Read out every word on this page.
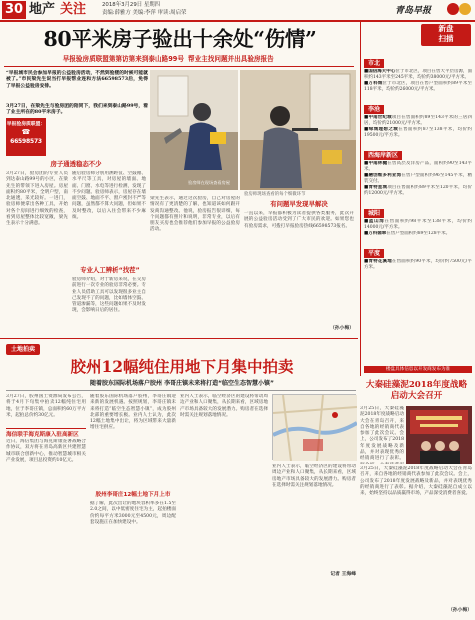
30 地产 关注	2018年3月29日 星期四
责编:薛雅方 美编:李萍 审读:周启荣	青岛早报
80平米房子验出十余处“伤情”
早报验房质联盟第第访第来到泰山路99号 帮业主找问题并出具验房报告
“早报城市民会参加早报的公益验房活动，不然到验楼的时候可能就被了。”市民梁先生说当打早报帮业连和方法66598573后，免得了早报公益验房安排。
3月27日，在梁先生与验房团的陪同下，我们来到泰山路99号，看了业主所在的80平米房子。
早报验房质联盟：
☎
66598573
验房师在现场查看房屋
验房师现场查看的每个细微环节
房子通透稳态不少
3月27日，验房团的专业人员到达泰山路99号的小区，在梁先生的带领下进入房屋。房屋面积约80平米，全明户型，南北通透，采光较好。一进门，验房师便拿出各种工具，开始对各个房间进行细致的检查，看到房屋整体比较宽敞，梁先生表示十分满意。
随后验房师分别用测距仪、空鼓锤、水平尺等工具，对房屋的墙面、地面、门窗、水电等进行检测，发现了不少问题。验房师表示，房屋存在墙面空鼓、地面不平、窗户密封不严等问题，虽然都不算大问题，但如果不及时整改，以后入住会带来不少麻烦。
专业人工辨析“找茬”
验房师介绍，对于新房来说，在交房前进行一次专业的验房非常必要。专业人员借助工具可以发现很多业主自己发现不了的问题，比如墙体空鼓、管道渗漏等，这些问题如果不及时发现，会影响日后的居住。
梁先生表示，通过这次验房，自己对房屋的情况有了更清楚的了解，也知道该如何跟开发商沟通整改。他说，验房报告很详细，每个问题都有照片和说明，非常专业，以后有朋友买房也会推荐他们参加早报的公益验房活动。
有问题早发现早解决
一直以来，早报都积极为读者提供各类服务，此次开展的公益验房活动受到了广大市民的欢迎。如果您也有验房需求，可拨打早报验房热线66598573报名。
（孙小梅）
新盘
扫描
市北
■国信海天中心位于市北区，项目在售大平层房源，面积约143平米至245平米，均价约38000元/平方米。
■万科城位于市北区，项目在售户型面积约89平米至118平米，均价约26000元/平方米。
李沧
■中南世纪城项目在售面积约89至143平米的三居四居，均价约21000元/平方米。
■绿城理想之城在售面积约87至138平米，均价约19500元/平方米。
西海岸新区
■中南林樾在售高层及洋房产品，面积约90至143平米。
■融创维多利亚湾在售户型面积约96至145平米，精装交付。
■青特星城项目在售面积约89平米至120平米，均价约12000元/平方米。
城阳
■蓝山湾在售面积约98平米至138平米，均价约14000元/平方米。
■万科翡翠在售户型面积约89至128平米。
平度
■青特花溪地在售面积约90平米，均价约7500元/平方米。
楼盘具体信息以开发商发布为准
土地拍卖
胶州12幅纯住用地下月集中拍卖
随着胶东国际机场落户胶州 李哥庄镇未来将打造“临空生态智慧小镇”
3月27日，胶州国土资源局发布公告，将于4月下旬集中拍卖12幅纯住宅用地，位于李哥庄镇，总面积约60万平方米，起拍总价约30亿元。
海信联手海克斯康入驻高新区
近日，海信集团与海克斯康签署战略合作协议，双方将在青岛高新区共建智慧城市联合创新中心，推动智慧城市相关产业发展，项目总投资约10亿元。
随着胶东国际机场落户胶州，李哥庄镇迎来新的发展机遇。按照规划，李哥庄镇未来将打造“临空生态智慧小镇”，成为胶州北部的重要增长极。业内人士认为，此次12幅土地集中出让，将为区域带来大量新增住宅供应。
胶州李哥庄12幅土地下月上市
据了解，此次出让的地块容积率多在1.5至2.0之间，以中低密度住宅为主，起拍楼面价约每平方米3000元至4500元，周边配套设施正在加快建设中。
业内人士表示，临空经济区的建设将带动周边产业和人口聚集，从长期来看，区域房地产市场具备较大的发展潜力。购房者在选择时需关注规划落地情况。
业内人士表示，临空经济区的建设将带动周边产业和人口聚集，从长期来看，区域房地产市场具备较大的发展潜力。购房者在选择时需关注规划落地情况。
记者 王海峰
大秦硅藻泥2018年度战略
启动大会召开
3月25日，大秦硅藻泥2018年度战略启动大会在青岛召开，来自各地的经销商代表参加了此次会议。会上，公司发布了2018年度发展战略及新品，并对表现优秀的经销商进行了表彰。
3月25日，大秦硅藻泥2018年度战略启动大会在青岛召开，来自各地的经销商代表参加了此次会议。会上，公司发布了2018年度发展战略及新品，并对表现优秀的经销商进行了表彰。据介绍，大秦硅藻泥自成立以来，始终坚持以品质赢得市场，产品深受消费者喜爱。
（孙小梅）
